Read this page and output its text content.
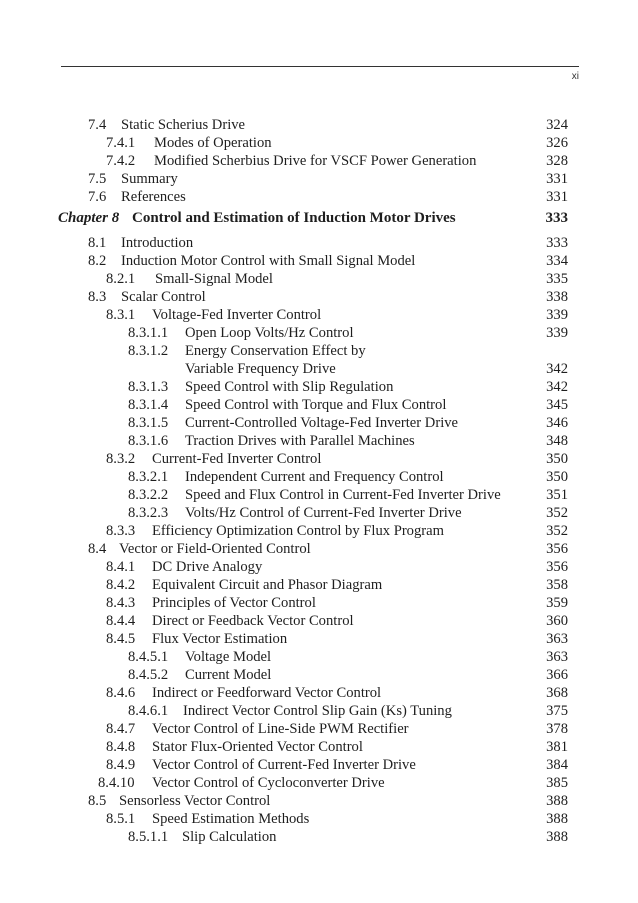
xi
7.4 Static Scherius Drive	324
7.4.1 Modes of Operation	326
7.4.2 Modified Scherbius Drive for VSCF Power Generation	328
7.5 Summary	331
7.6 References	331
Chapter 8 Control and Estimation of Induction Motor Drives	333
8.1 Introduction	333
8.2 Induction Motor Control with Small Signal Model	334
8.2.1 Small-Signal Model	335
8.3 Scalar Control	338
8.3.1 Voltage-Fed Inverter Control	339
8.3.1.1 Open Loop Volts/Hz Control	339
8.3.1.2 Energy Conservation Effect by
Variable Frequency Drive	342
8.3.1.3 Speed Control with Slip Regulation	342
8.3.1.4 Speed Control with Torque and Flux Control	345
8.3.1.5 Current-Controlled Voltage-Fed Inverter Drive	346
8.3.1.6 Traction Drives with Parallel Machines	348
8.3.2 Current-Fed Inverter Control	350
8.3.2.1 Independent Current and Frequency Control	350
8.3.2.2 Speed and Flux Control in Current-Fed Inverter Drive	351
8.3.2.3 Volts/Hz Control of Current-Fed Inverter Drive	352
8.3.3 Efficiency Optimization Control by Flux Program	352
8.4 Vector or Field-Oriented Control	356
8.4.1 DC Drive Analogy	356
8.4.2 Equivalent Circuit and Phasor Diagram	358
8.4.3 Principles of Vector Control	359
8.4.4 Direct or Feedback Vector Control	360
8.4.5 Flux Vector Estimation	363
8.4.5.1 Voltage Model	363
8.4.5.2 Current Model	366
8.4.6 Indirect or Feedforward Vector Control	368
8.4.6.1 Indirect Vector Control Slip Gain (Ks) Tuning	375
8.4.7 Vector Control of Line-Side PWM Rectifier	378
8.4.8 Stator Flux-Oriented Vector Control	381
8.4.9 Vector Control of Current-Fed Inverter Drive	384
8.4.10 Vector Control of Cycloconverter Drive	385
8.5 Sensorless Vector Control	388
8.5.1 Speed Estimation Methods	388
8.5.1.1 Slip Calculation	388
